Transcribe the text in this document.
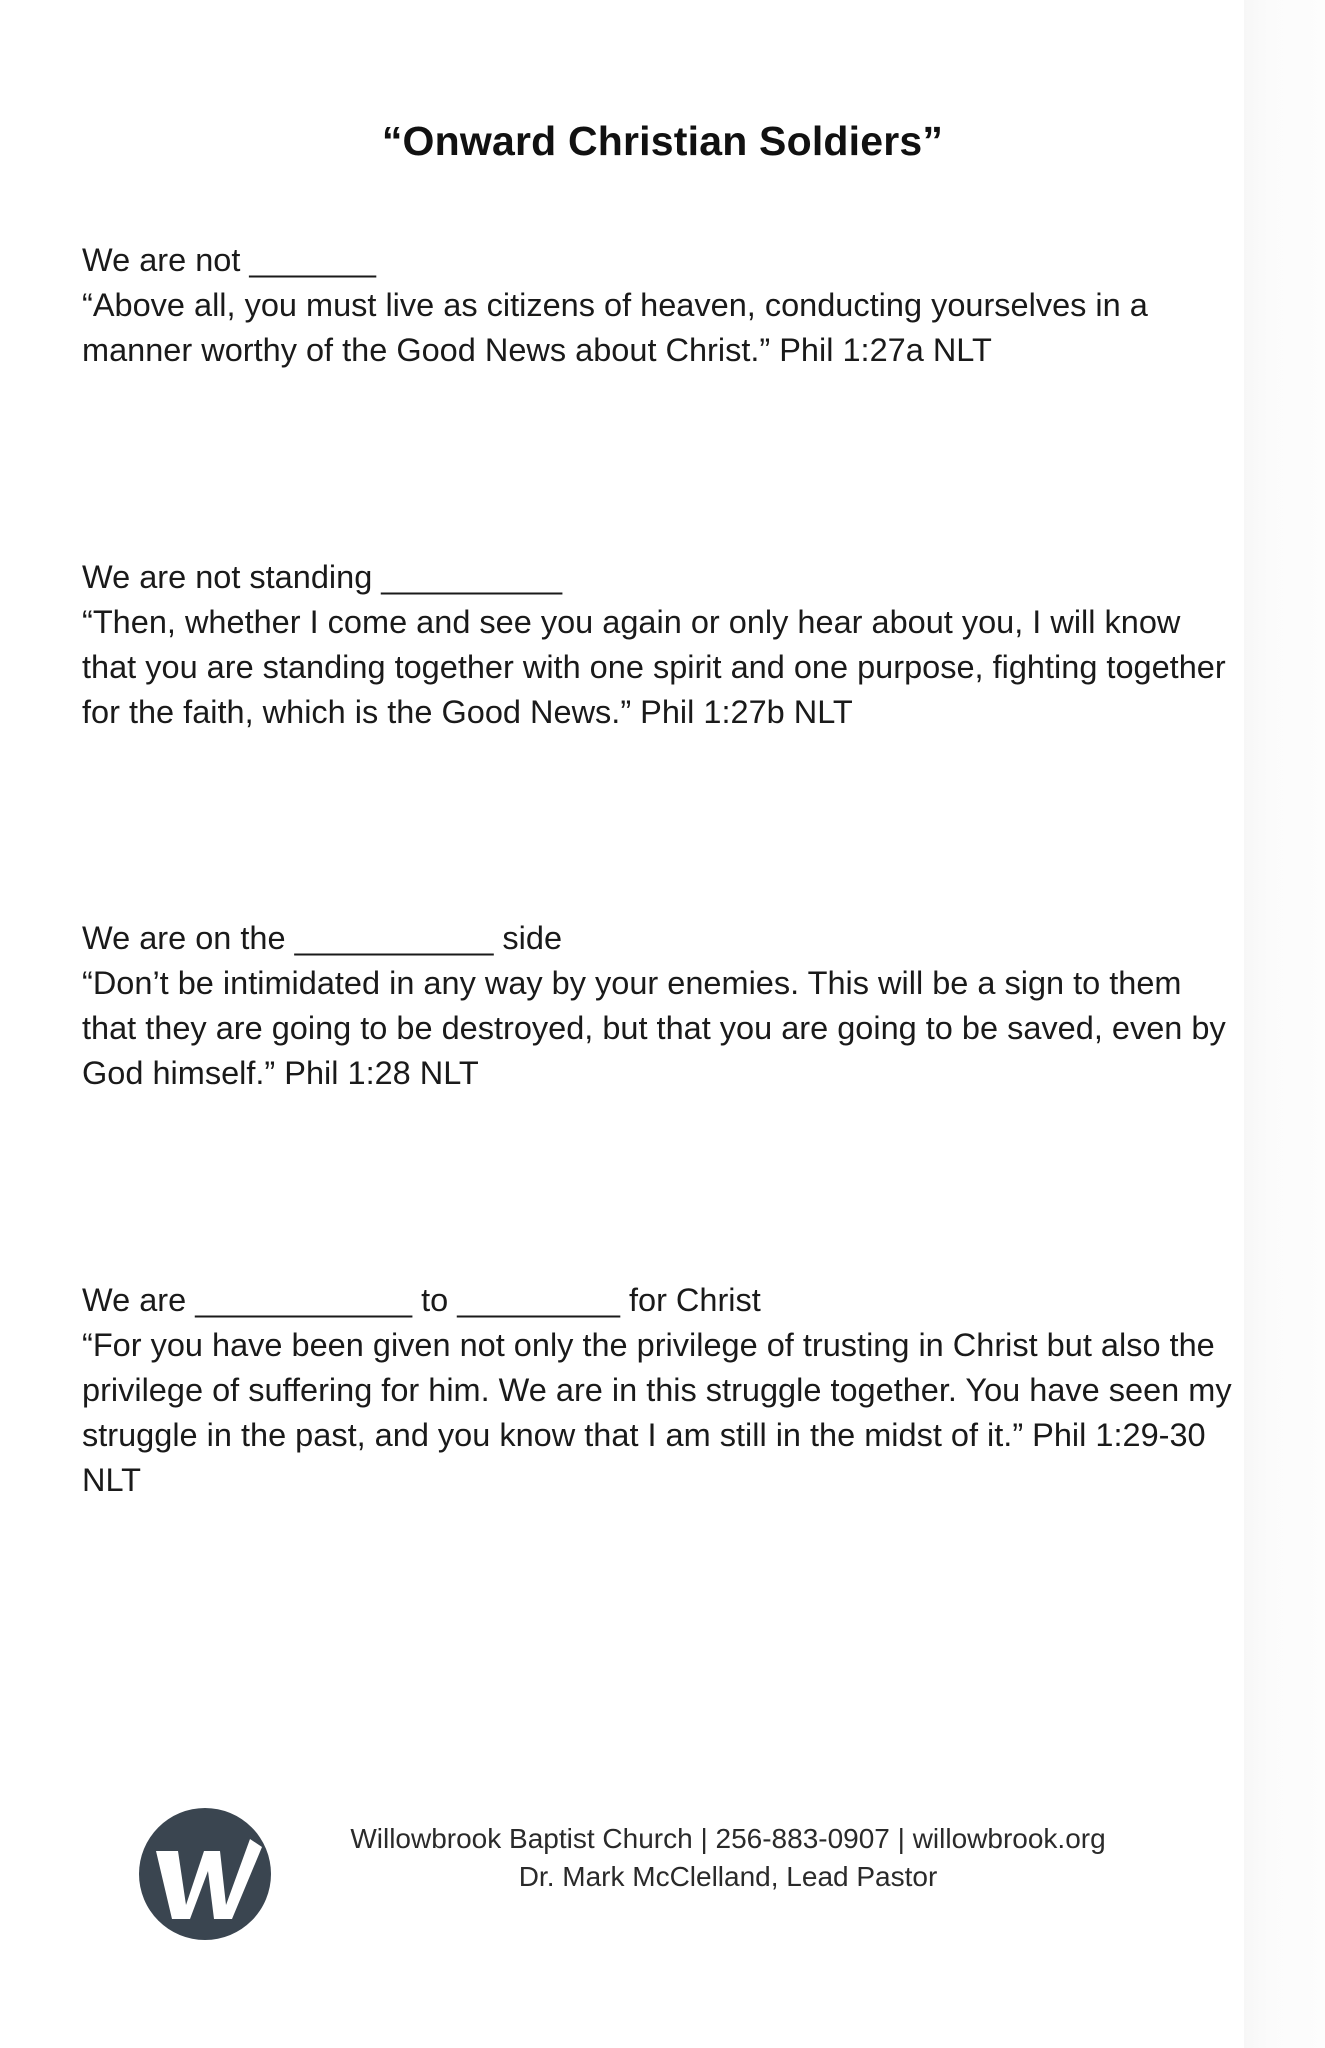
“Onward Christian Soldiers”

We are not _______

“Above all, you must live as citizens of heaven, conducting yourselves in a manner worthy of the Good News about Christ.” Phil 1:27a NLT

We are not standing __________

“Then, whether I come and see you again or only hear about you, I will know that you are standing together with one spirit and one purpose, fighting together for the faith, which is the Good News.” Phil 1:27b NLT

We are on the ___________ side

“Don’t be intimidated in any way by your enemies. This will be a sign to them that they are going to be destroyed, but that you are going to be saved, even by God himself.” Phil 1:28 NLT

We are ____________ to _________ for Christ

“For you have been given not only the privilege of trusting in Christ but also the privilege of suffering for him. We are in this struggle together. You have seen my struggle in the past, and you know that I am still in the midst of it.” Phil 1:29-30 NLT

Willowbrook Baptist Church | 256-883-0907 | willowbrook.org

Dr. Mark McClelland, Lead Pastor
